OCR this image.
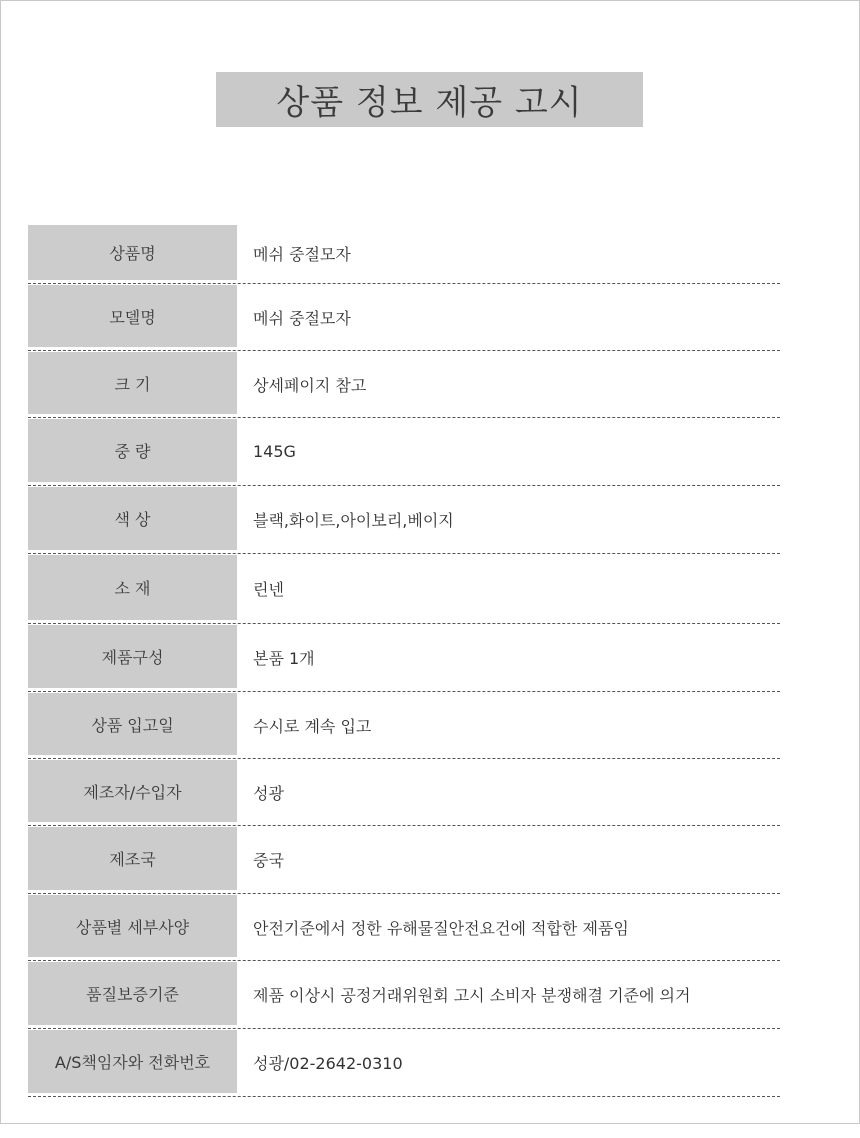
상품 정보 제공 고시
상품명	메쉬 중절모자
모델명	메쉬 중절모자
크 기	상세페이지 참고
중 량	145G
색 상	블랙,화이트,아이보리,베이지
소 재	린넨
제품구성	본품 1개
상품 입고일	수시로 계속 입고
제조자/수입자	성광
제조국	중국
상품별 세부사양	안전기준에서 정한 유해물질안전요건에 적합한 제품임
품질보증기준	제품 이상시 공정거래위원회 고시 소비자 분쟁해결 기준에 의거
A/S책임자와 전화번호	성광/02-2642-0310
